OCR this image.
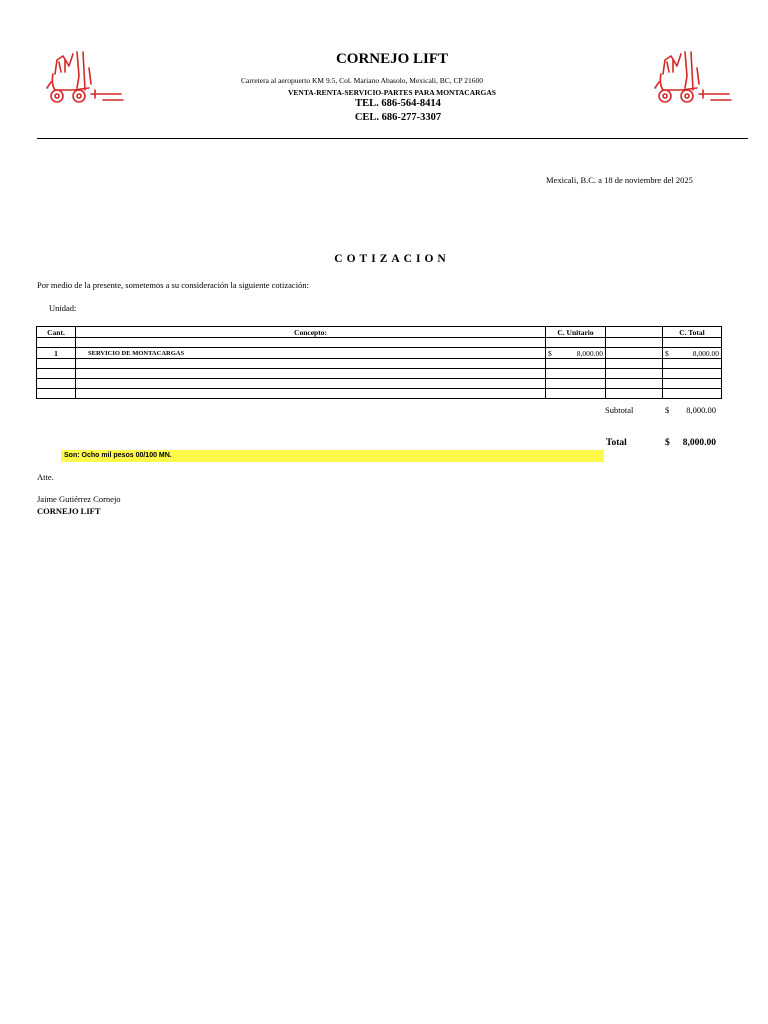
CORNEJO LIFT
Carretera al aeropuerto KM 9.5, Col. Mariano Abasolo, Mexicali, BC, CP 21600
VENTA-RENTA-SERVICIO-PARTES PARA MONTACARGAS
TEL. 686-564-8414
CEL. 686-277-3307
Mexicali, B.C. a 18 de noviembre del 2025
COTIZACION
Por medio de la presente, sometemos a su consideración la siguiente cotización:
Unidad:
Cant.	Concepto:	C. Unitario		C. Total

1	SERVICIO DE MONTACARGAS	$ 8,000.00		$ 8,000.00

Subtotal	$ 8,000.00
Total	$ 8,000.00
Son: Ocho mil pesos 00/100 MN.
Atte.
Jaime Gutiérrez Cornejo
CORNEJO LIFT
